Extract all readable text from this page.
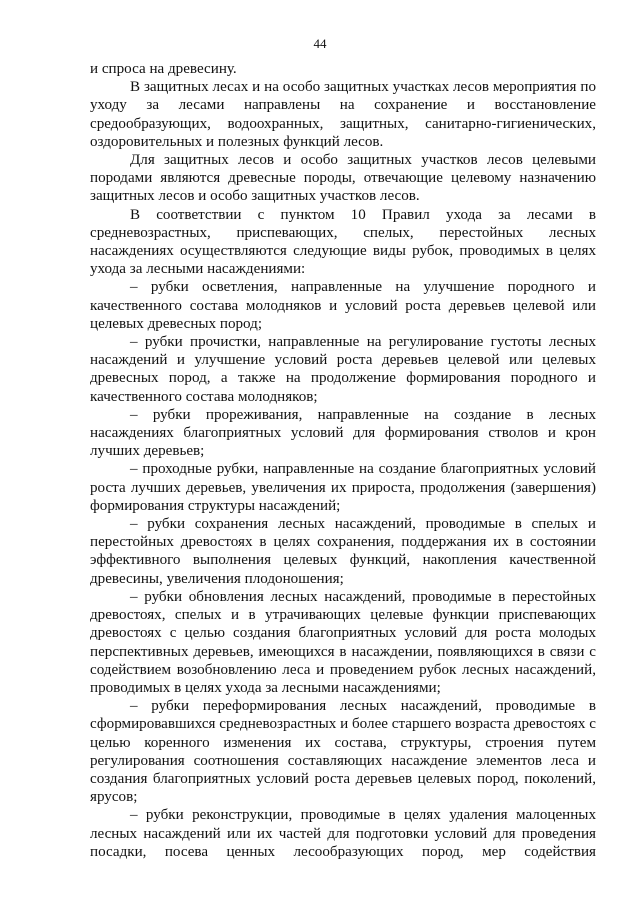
44

и спроса на древесину.

В защитных лесах и на особо защитных участках лесов мероприятия по уходу за лесами направлены на сохранение и восстановление средообразующих, водоохранных, защитных, санитарно-гигиенических, оздоровительных и полезных функций лесов.

Для защитных лесов и особо защитных участков лесов целевыми породами являются древесные породы, отвечающие целевому назначению защитных лесов и особо защитных участков лесов.

В соответствии с пунктом 10 Правил ухода за лесами в средневозрастных, приспевающих, спелых, перестойных лесных насаждениях осуществляются следующие виды рубок, проводимых в целях ухода за лесными насаждениями:

– рубки осветления, направленные на улучшение породного и качественного состава молодняков и условий роста деревьев целевой или целевых древесных пород;

– рубки прочистки, направленные на регулирование густоты лесных насаждений и улучшение условий роста деревьев целевой или целевых древесных пород, а также на продолжение формирования породного и качественного состава молодняков;

– рубки прореживания, направленные на создание в лесных насаждениях благоприятных условий для формирования стволов и крон лучших деревьев;

– проходные рубки, направленные на создание благоприятных условий роста лучших деревьев, увеличения их прироста, продолжения (завершения) формирования структуры насаждений;

– рубки сохранения лесных насаждений, проводимые в спелых и перестойных древостоях в целях сохранения, поддержания их в состоянии эффективного выполнения целевых функций, накопления качественной древесины, увеличения плодоношения;

– рубки обновления лесных насаждений, проводимые в перестойных древостоях, спелых и в утрачивающих целевые функции приспевающих древостоях с целью создания благоприятных условий для роста молодых перспективных деревьев, имеющихся в насаждении, появляющихся в связи с содействием возобновлению леса и проведением рубок лесных насаждений, проводимых в целях ухода за лесными насаждениями;

– рубки переформирования лесных насаждений, проводимые в сформировавшихся средневозрастных и более старшего возраста древостоях с целью коренного изменения их состава, структуры, строения путем регулирования соотношения составляющих насаждение элементов леса и создания благоприятных условий роста деревьев целевых пород, поколений, ярусов;

– рубки реконструкции, проводимые в целях удаления малоценных лесных насаждений или их частей для подготовки условий для проведения посадки, посева ценных лесообразующих пород, мер содействия
